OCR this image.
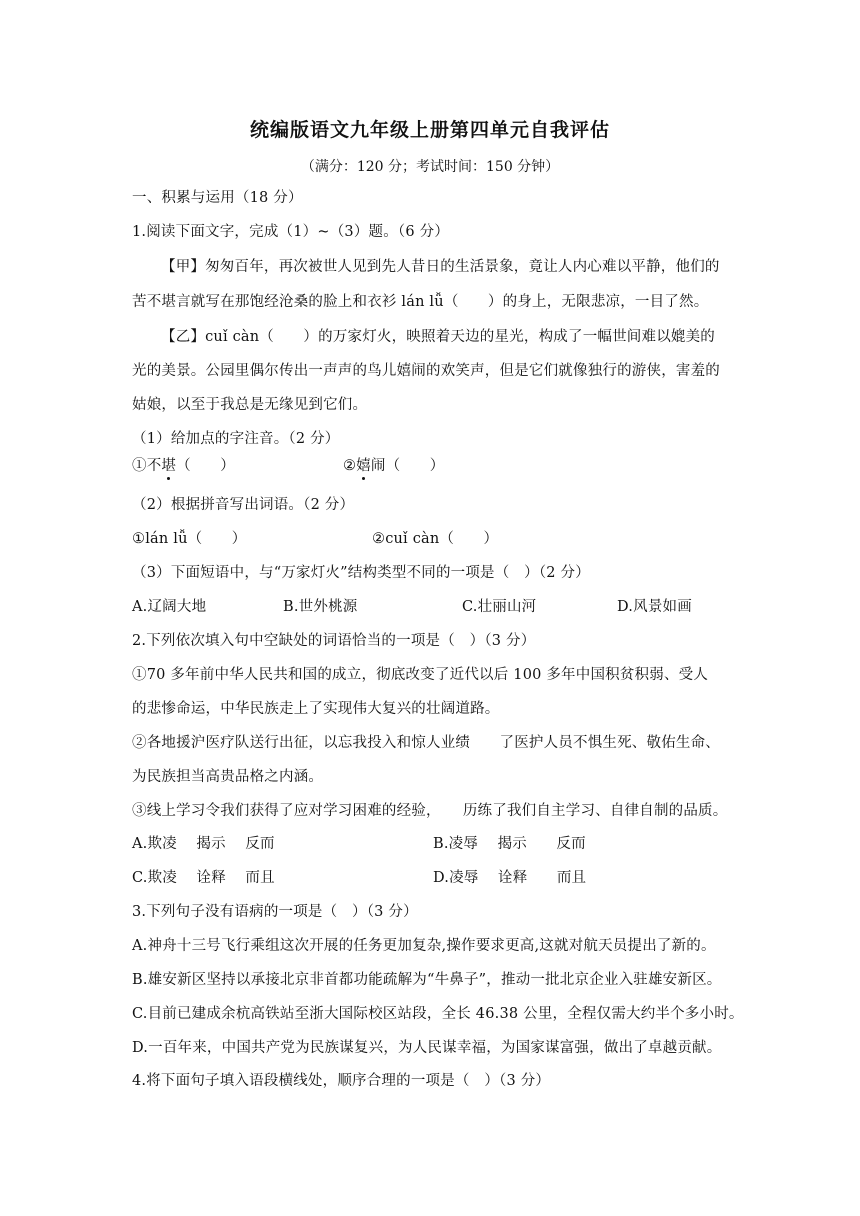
统编版语文九年级上册第四单元自我评估
（满分：120 分；考试时间：150 分钟）
一、积累与运用（18 分）
1.阅读下面文字，完成（1）~（3）题。（6 分）
【甲】匆匆百年，再次被世人见到先人昔日的生活景象，竟让人内心难以平静，他们的
苦不堪言就写在那饱经沧桑的脸上和衣衫 lán lǚ（　　）的身上，无限悲凉，一目了然。
【乙】cuǐ càn（　　）的万家灯火，映照着天边的星光，构成了一幅世间难以媲美的
光的美景。公园里偶尔传出一声声的鸟儿嬉闹的欢笑声，但是它们就像独行的游侠，害羞的
姑娘，以至于我总是无缘见到它们。
（1）给加点的字注音。（2 分）
①不堪（　　）	②嬉闹（　　）
（2）根据拼音写出词语。（2 分）
①lán lǚ（　　）	②cuǐ càn（　　）
（3）下面短语中，与“万家灯火”结构类型不同的一项是（　）（2 分）
A.辽阔大地	B.世外桃源	C.壮丽山河	D.风景如画
2.下列依次填入句中空缺处的词语恰当的一项是（　）（3 分）
①70 多年前中华人民共和国的成立，彻底改变了近代以后 100 多年中国积贫积弱、受人
的悲惨命运，中华民族走上了实现伟大复兴的壮阔道路。
②各地援沪医疗队送行出征，以忘我投入和惊人业绩　　了医护人员不惧生死、敬佑生命、
为民族担当高贵品格之内涵。
③线上学习令我们获得了应对学习困难的经验，　　历练了我们自主学习、自律自制的品质。
A.欺凌　 揭示　 反而	B.凌辱　 揭示　　反而
C.欺凌　 诠释　 而且	D.凌辱　 诠释　　而且
3.下列句子没有语病的一项是（　）（3 分）
A.神舟十三号飞行乘组这次开展的任务更加复杂,操作要求更高,这就对航天员提出了新的。
B.雄安新区坚持以承接北京非首都功能疏解为“牛鼻子”，推动一批北京企业入驻雄安新区。
C.目前已建成余杭高铁站至浙大国际校区站段，全长 46.38 公里，全程仅需大约半个多小时。
D.一百年来，中国共产党为民族谋复兴，为人民谋幸福，为国家谋富强，做出了卓越贡献。
4.将下面句子填入语段横线处，顺序合理的一项是（　）（3 分）
